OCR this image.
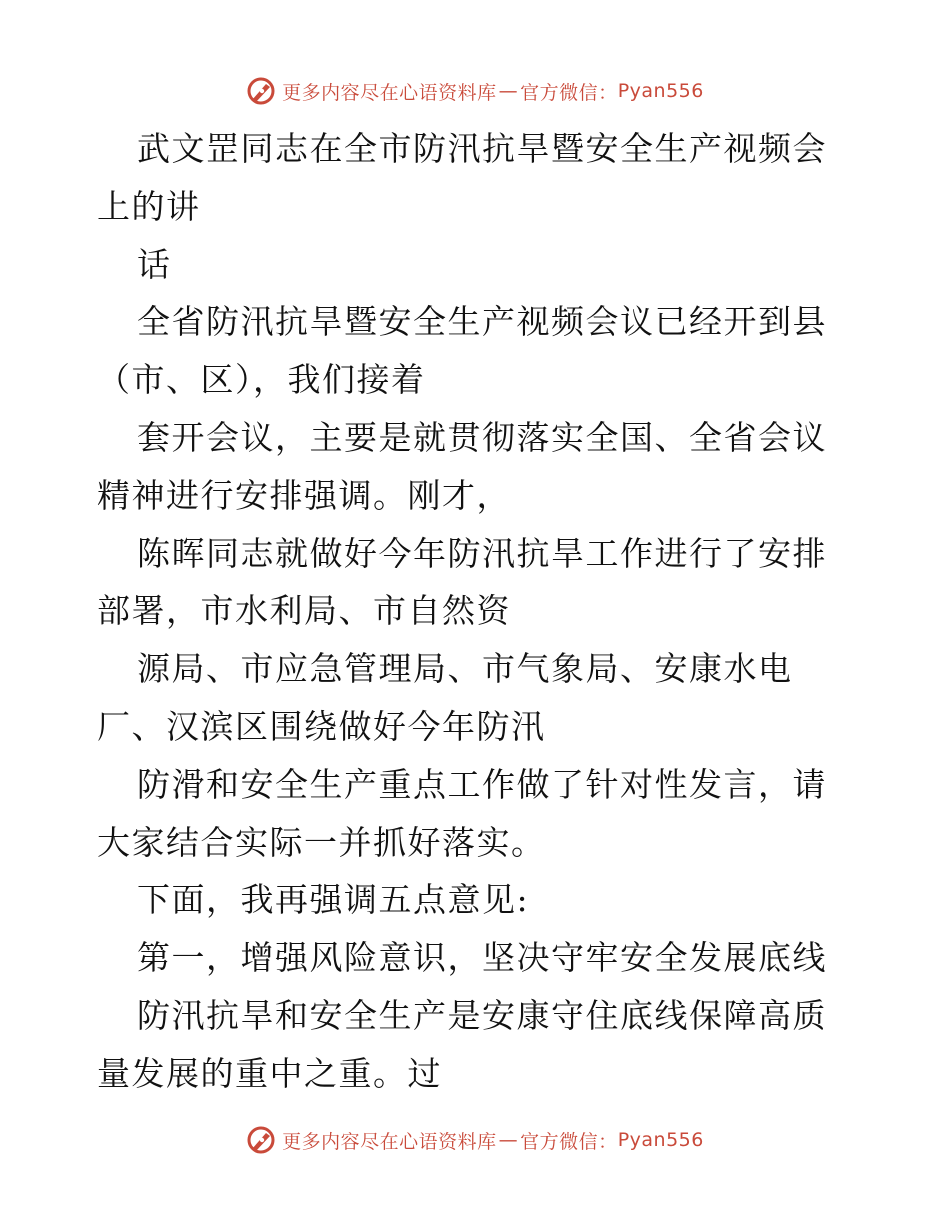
更多内容尽在心语资料库 — 官方微信： Pyan556

武文罡同志在全市防汛抗旱暨安全生产视频会上的讲

话

全省防汛抗旱暨安全生产视频会议已经开到县（市、区），我们接着

套开会议，主要是就贯彻落实全国、全省会议精神进行安排强调。刚才，

陈晖同志就做好今年防汛抗旱工作进行了安排部署，市水利局、市自然资

源局、市应急管理局、市气象局、安康水电厂、汉滨区围绕做好今年防汛

防滑和安全生产重点工作做了针对性发言，请大家结合实际一并抓好落实。

下面，我再强调五点意见:

第一，增强风险意识，坚决守牢安全发展底线

防汛抗旱和安全生产是安康守住底线保障高质量发展的重中之重。过

更多内容尽在心语资料库 — 官方微信： Pyan556
